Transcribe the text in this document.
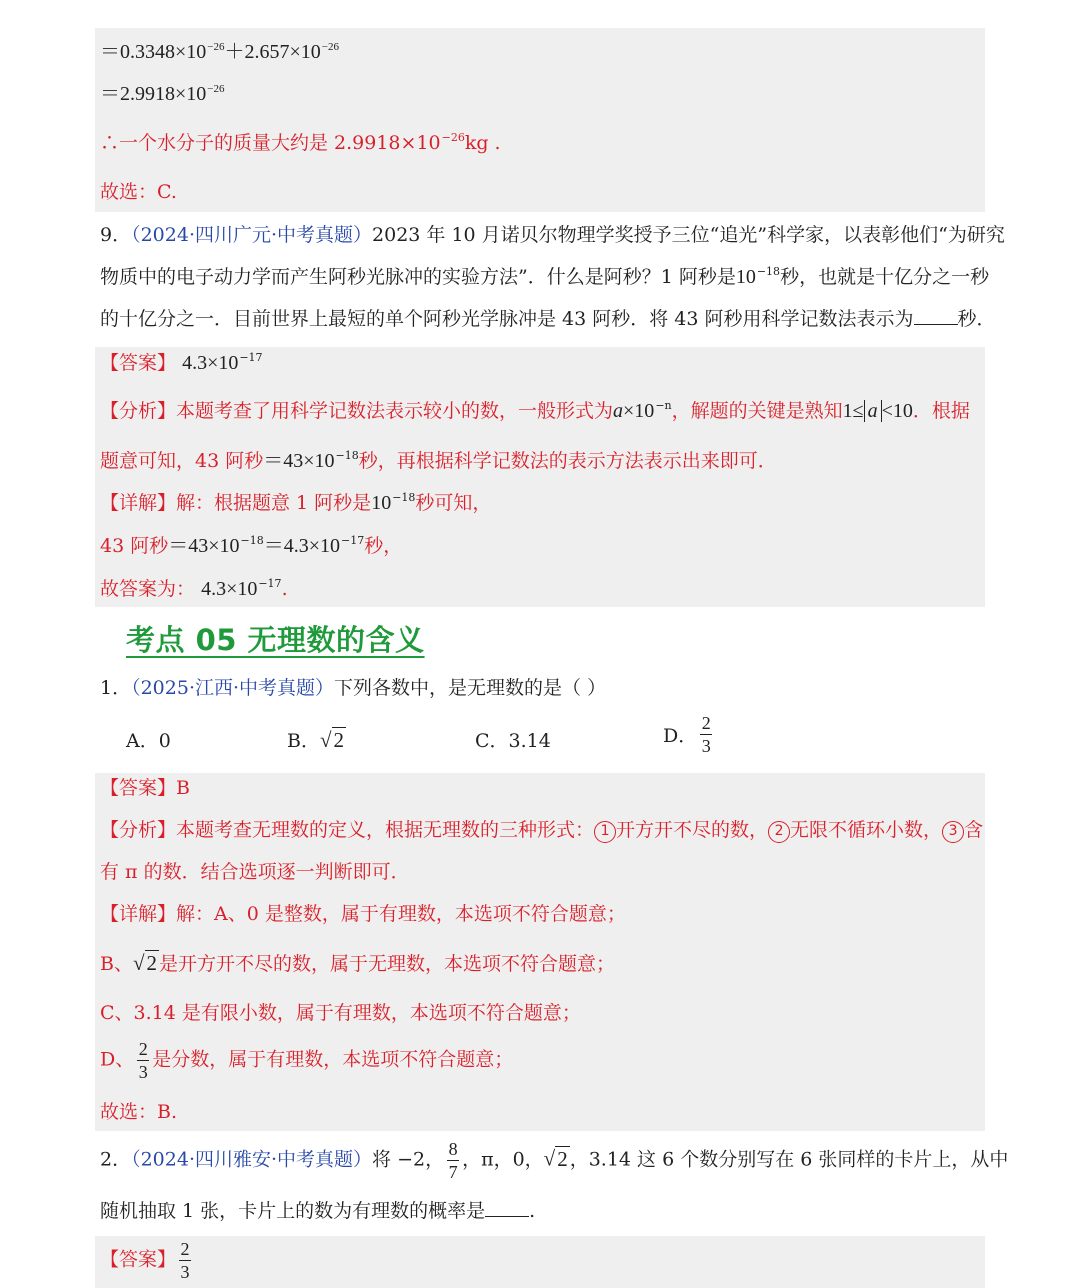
$=0.3348\times 10^{-26}+2.657\times 10^{-26}$
$=2.9918\times 10^{-26}$
∴一个水分子的质量大约是 $2.9918\times 10^{-26}kg$ .
故选：C.
9．（2024·四川广元·中考真题）2023 年 10 月诺贝尔物理学奖授予三位“追光”科学家，以表彰他们“为研究
物质中的电子动力学而产生阿秒光脉冲的实验方法”．什么是阿秒？1 阿秒是$10^{-18}$秒，也就是十亿分之一秒
的十亿分之一．目前世界上最短的单个阿秒光学脉冲是 43 阿秒．将 43 阿秒用科学记数法表示为 秒．
【答案】 $4.3\times 10^{-17}$
【分析】本题考查了用科学记数法表示较小的数，一般形式为$a\times 10^{-n}$，解题的关键是熟知1≤ a <10．根据
题意可知，43 阿秒$=43\times 10^{-18}$秒，再根据科学记数法的表示方法表示出来即可．
【详解】解：根据题意 1 阿秒是$10^{-18}$秒可知，
43 阿秒$=43\times 10^{-18}=4.3\times 10^{-17}$秒，
故答案为： $4.3\times 10^{-17}$.
考点 05 无理数的含义
1．（2025·江西·中考真题）下列各数中，是无理数的是（ ）
A．0	B．√2	C．3.14	D． $\frac{2}{3}$
【答案】B
【分析】本题考查无理数的定义，根据无理数的三种形式： 1 开方开不尽的数， 2 无限不循环小数， 3 含
有 π 的数．结合选项逐一判断即可．
【详解】解：A、0 是整数，属于有理数，本选项不符合题意；
B、√2 是开方开不尽的数，属于无理数，本选项不符合题意；
C、3.14 是有限小数，属于有理数，本选项不符合题意；
D、 $\frac{2}{3}$ 是分数，属于有理数，本选项不符合题意；
故选：B.
2．（2024·四川雅安·中考真题）将 −2， $\frac{8}{7}$ ，π，0，√2 ，3.14 这 6 个数分别写在 6 张同样的卡片上，从中
随机抽取 1 张，卡片上的数为有理数的概率是 .
【答案】 $\frac{2}{3}$
